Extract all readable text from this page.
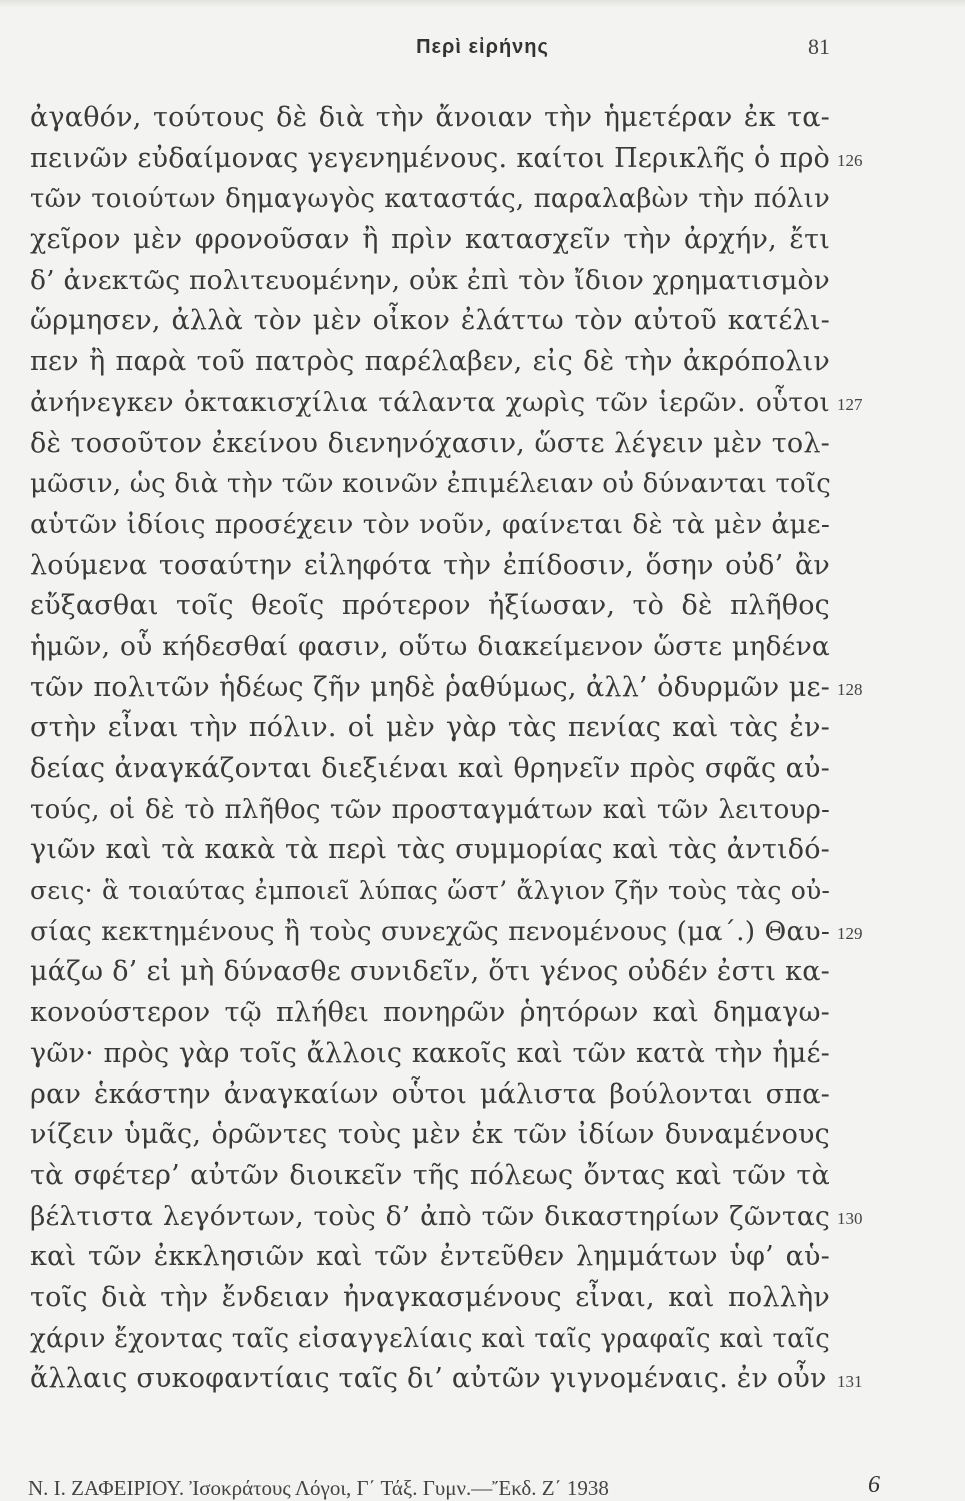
Περὶ εἰρήνης	81
ἀγαθόν, τούτους δὲ διὰ τὴν ἄνοιαν τὴν ἡμετέραν ἐκ τα-
πεινῶν εὐδαίμονας γεγενημένους. καίτοι Περικλῆς ὁ πρὸ
τῶν τοιούτων δημαγωγὸς καταστάς, παραλαβὼν τὴν πόλιν
χεῖρον μὲν φρονοῦσαν ἢ πρὶν κατασχεῖν τὴν ἀρχήν, ἔτι
δ’ ἀνεκτῶς πολιτευομένην, οὐκ ἐπὶ τὸν ἴδιον χρηματισμὸν
ὥρμησεν, ἀλλὰ τὸν μὲν οἶκον ἐλάττω τὸν αὐτοῦ κατέλι-
πεν ἢ παρὰ τοῦ πατρὸς παρέλαβεν, εἰς δὲ τὴν ἀκρόπολιν
ἀνήνεγκεν ὀκτακισχίλια τάλαντα χωρὶς τῶν ἱερῶν. οὗτοι
δὲ τοσοῦτον ἐκείνου διενηνόχασιν, ὥστε λέγειν μὲν τολ-
μῶσιν, ὡς διὰ τὴν τῶν κοινῶν ἐπιμέλειαν οὐ δύνανται τοῖς
αὑτῶν ἰδίοις προσέχειν τὸν νοῦν, φαίνεται δὲ τὰ μὲν ἀμε-
λούμενα τοσαύτην εἰληφότα τὴν ἐπίδοσιν, ὅσην οὐδ’ ἂν
εὔξασθαι τοῖς θεοῖς πρότερον ἠξίωσαν, τὸ δὲ πλῆθος
ἡμῶν, οὗ κήδεσθαί φασιν, οὕτω διακείμενον ὥστε μηδένα
τῶν πολιτῶν ἡδέως ζῆν μηδὲ ῥαθύμως, ἀλλ’ ὀδυρμῶν με-
στὴν εἶναι τὴν πόλιν. οἱ μὲν γὰρ τὰς πενίας καὶ τὰς ἐν-
δείας ἀναγκάζονται διεξιέναι καὶ θρηνεῖν πρὸς σφᾶς αὐ-
τούς, οἱ δὲ τὸ πλῆθος τῶν προσταγμάτων καὶ τῶν λειτουρ-
γιῶν καὶ τὰ κακὰ τὰ περὶ τὰς συμμορίας καὶ τὰς ἀντιδό-
σεις· ἃ τοιαύτας ἐμποιεῖ λύπας ὥστ’ ἄλγιον ζῆν τοὺς τὰς οὐ-
σίας κεκτημένους ἢ τοὺς συνεχῶς πενομένους (μα΄.) Θαυ-
μάζω δ’ εἰ μὴ δύνασθε συνιδεῖν, ὅτι γένος οὐδέν ἐστι κα-
κονούστερον τῷ πλήθει πονηρῶν ῥητόρων καὶ δημαγω-
γῶν· πρὸς γὰρ τοῖς ἄλλοις κακοῖς καὶ τῶν κατὰ τὴν ἡμέ-
ραν ἑκάστην ἀναγκαίων οὗτοι μάλιστα βούλονται σπα-
νίζειν ὑμᾶς, ὁρῶντες τοὺς μὲν ἐκ τῶν ἰδίων δυναμένους
τὰ σφέτερ’ αὐτῶν διοικεῖν τῆς πόλεως ὄντας καὶ τῶν τὰ
βέλτιστα λεγόντων, τοὺς δ’ ἀπὸ τῶν δικαστηρίων ζῶντας
καὶ τῶν ἐκκλησιῶν καὶ τῶν ἐντεῦθεν λημμάτων ὑφ’ αὑ-
τοῖς διὰ τὴν ἔνδειαν ἠναγκασμένους εἶναι, καὶ πολλὴν
χάριν ἔχοντας ταῖς εἰσαγγελίαις καὶ ταῖς γραφαῖς καὶ ταῖς
ἄλλαις συκοφαντίαις ταῖς δι’ αὐτῶν γιγνομέναις. ἐν οὖν
126
127
128
129
130
131
Ν. Ι. ΖΑΦΕΙΡΙΟΥ. Ἰσοκράτους Λόγοι, Γ΄ Τάξ. Γυμν.—Ἔκδ. Ζ΄ 1938	6
